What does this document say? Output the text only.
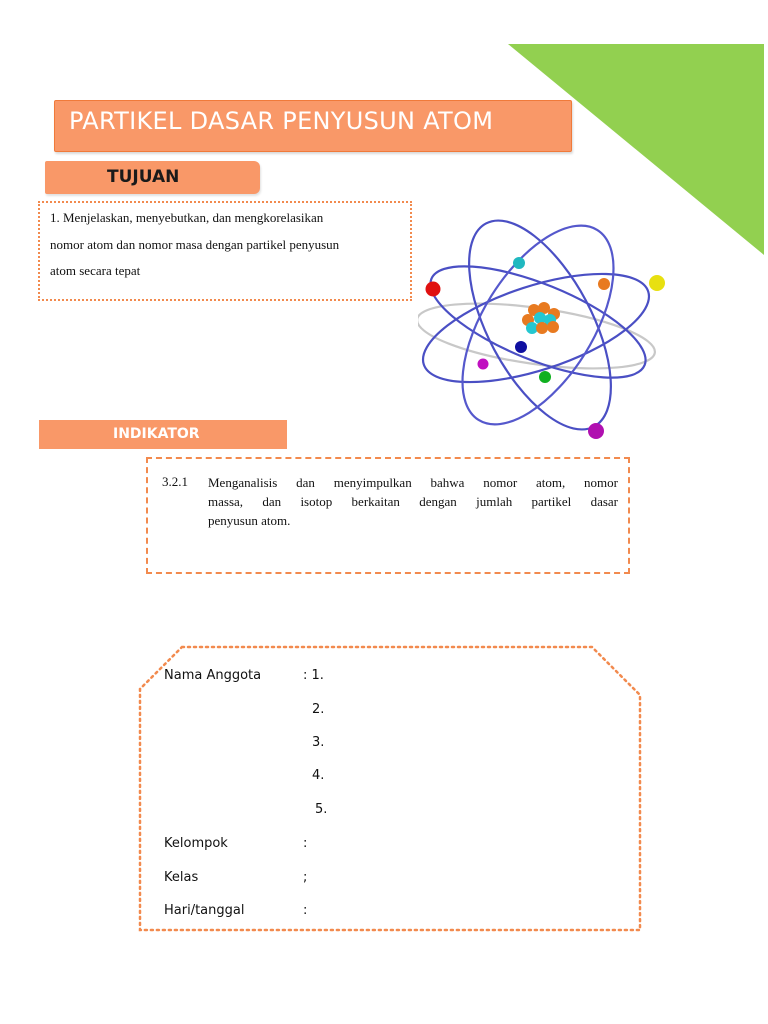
PARTIKEL DASAR PENYUSUN ATOM
TUJUAN
1. Menjelaskan, menyebutkan, dan mengkorelasikan
nomor atom dan nomor masa dengan partikel penyusun
atom secara tepat
INDIKATOR
3.2.1 Menganalisis dan menyimpulkan bahwa nomor atom, nomor
massa, dan isotop berkaitan dengan jumlah partikel dasar
penyusun atom.
Nama Anggota	: 1.
2.
3.
4.
5.
Kelompok	:
Kelas	;
Hari/tanggal	:
